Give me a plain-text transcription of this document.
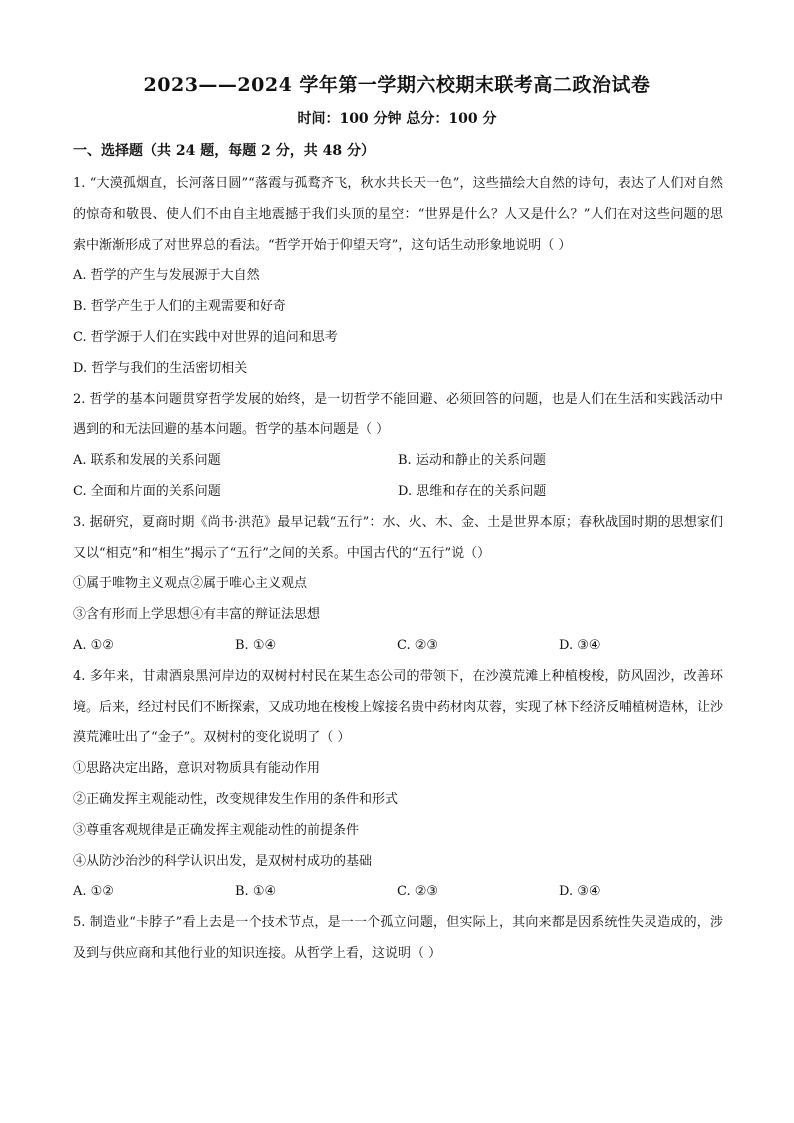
2023——2024 学年第一学期六校期末联考高二政治试卷
时间：100 分钟 总分：100 分
一、选择题（共 24 题，每题 2 分，共 48 分）
1. “大漠孤烟直，长河落日圆”“落霞与孤鹜齐飞，秋水共长天一色”，这些描绘大自然的诗句，表达了人们对自然的惊奇和敬畏、使人们不由自主地震撼于我们头顶的星空：“世界是什么？人又是什么？”人们在对这些问题的思索中渐渐形成了对世界总的看法。“哲学开始于仰望天穹”，这句话生动形象地说明（ ）
A. 哲学的产生与发展源于大自然
B. 哲学产生于人们的主观需要和好奇
C. 哲学源于人们在实践中对世界的追问和思考
D. 哲学与我们的生活密切相关
2. 哲学的基本问题贯穿哲学发展的始终，是一切哲学不能回避、必须回答的问题，也是人们在生活和实践活动中遇到的和无法回避的基本问题。哲学的基本问题是（ ）
A. 联系和发展的关系问题	B. 运动和静止的关系问题
C. 全面和片面的关系问题	D. 思维和存在的关系问题
3. 据研究，夏商时期《尚书·洪范》最早记载“五行”：水、火、木、金、土是世界本原；春秋战国时期的思想家们又以“相克”和“相生”揭示了“五行”之间的关系。中国古代的“五行”说（）
①属于唯物主义观点②属于唯心主义观点
③含有形而上学思想④有丰富的辩证法思想
A. ①②	B. ①④	C. ②③	D. ③④
4. 多年来，甘肃酒泉黑河岸边的双树村村民在某生态公司的带领下，在沙漠荒滩上种植梭梭，防风固沙，改善环境。后来，经过村民们不断探索，又成功地在梭梭上嫁接名贵中药材肉苁蓉，实现了林下经济反哺植树造林，让沙漠荒滩吐出了“金子”。双树村的变化说明了（ ）
①思路决定出路，意识对物质具有能动作用
②正确发挥主观能动性，改变规律发生作用的条件和形式
③尊重客观规律是正确发挥主观能动性的前提条件
④从防沙治沙的科学认识出发，是双树村成功的基础
A. ①②	B. ①④	C. ②③	D. ③④
5. 制造业“卡脖子”看上去是一个技术节点，是一一个孤立问题，但实际上，其向来都是因系统性失灵造成的，涉及到与供应商和其他行业的知识连接。从哲学上看，这说明（ ）
